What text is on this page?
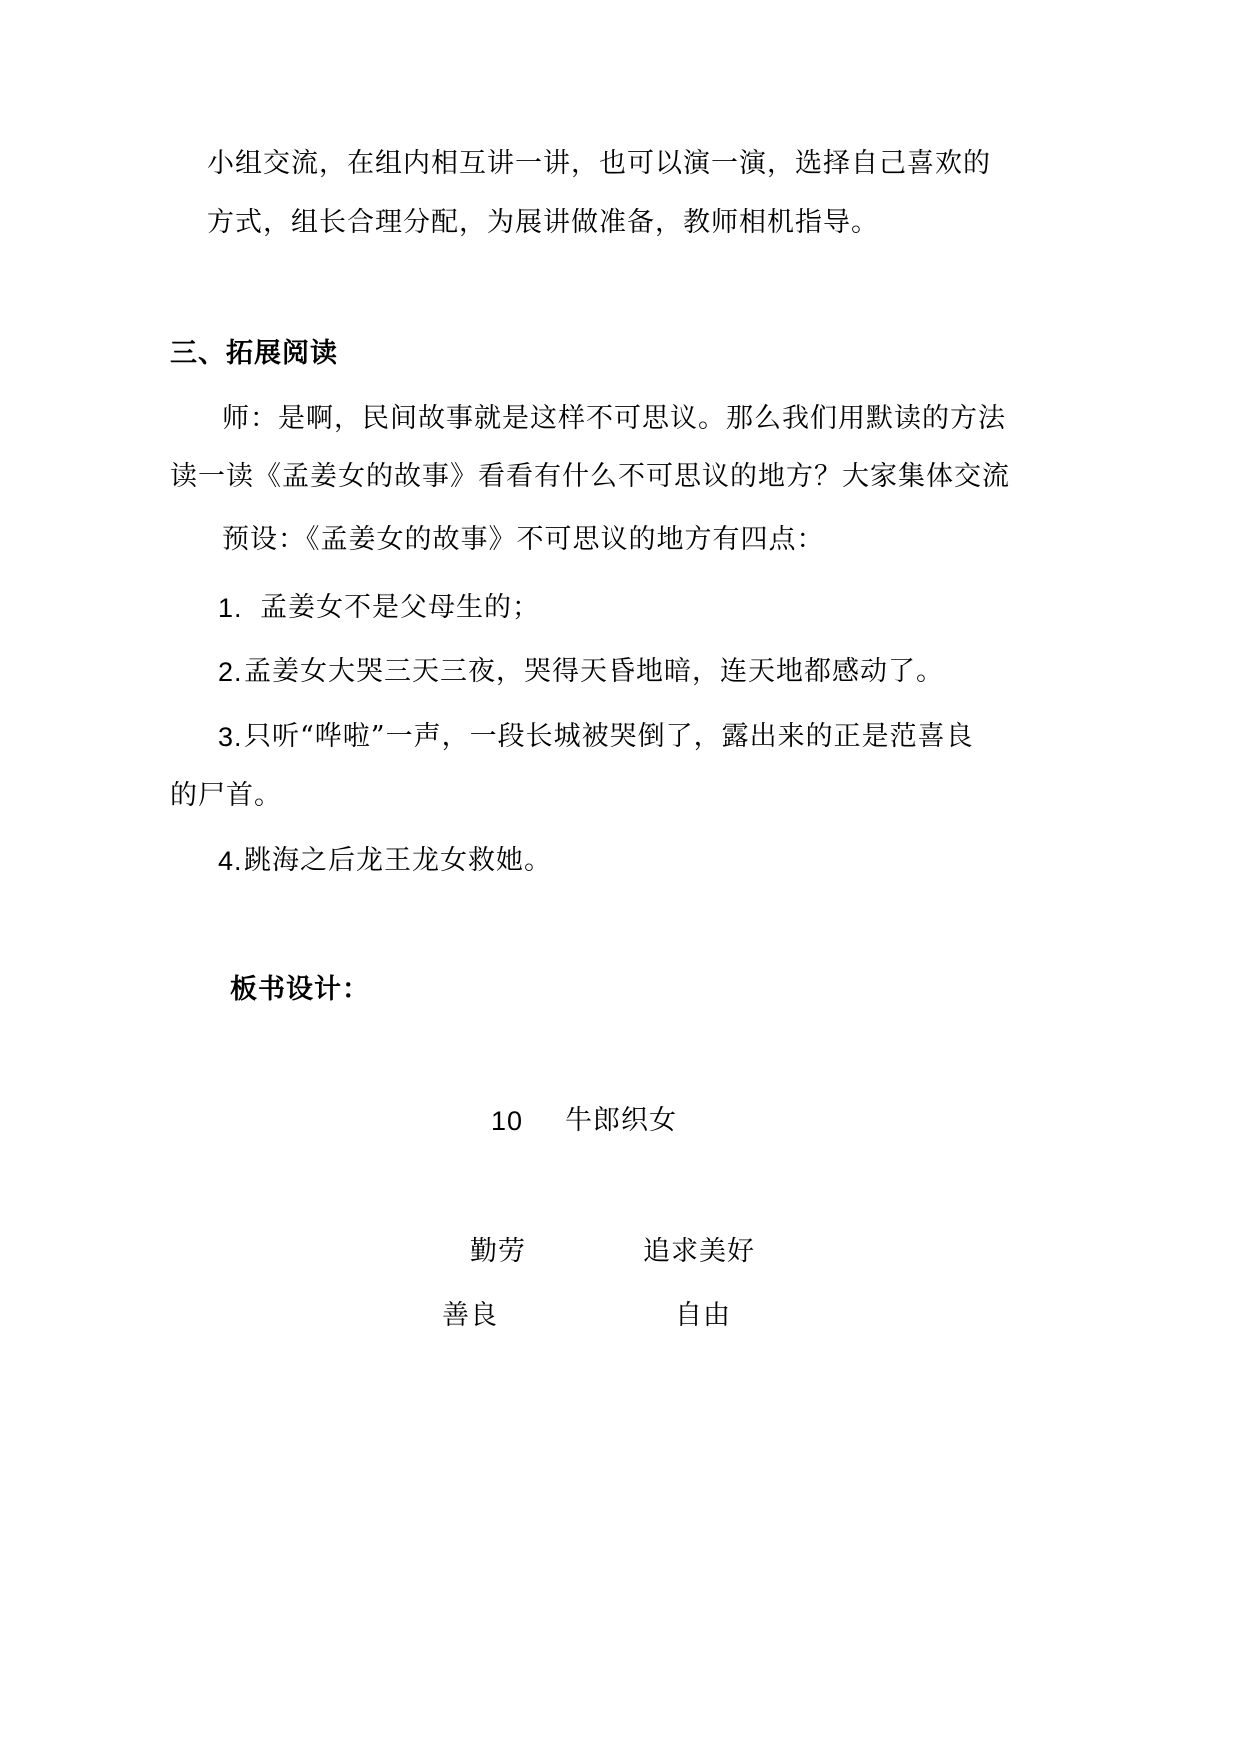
小组交流，在组内相互讲一讲，也可以演一演，选择自己喜欢的
方式，组长合理分配，为展讲做准备，教师相机指导。
三、拓展阅读
师：是啊，民间故事就是这样不可思议。那么我们用默读的方法
读一读《孟姜女的故事》看看有什么不可思议的地方？大家集体交流
预设：《孟姜女的故事》不可思议的地方有四点：
1. 孟姜女不是父母生的；
2. 孟姜女大哭三天三夜，哭得天昏地暗，连天地都感动了。
3. 只听“哗啦”一声，一段长城被哭倒了，露出来的正是范喜良
的尸首。
4. 跳海之后龙王龙女救她。
板书设计：
10 牛郎织女
勤劳	追求美好
善良	自由
